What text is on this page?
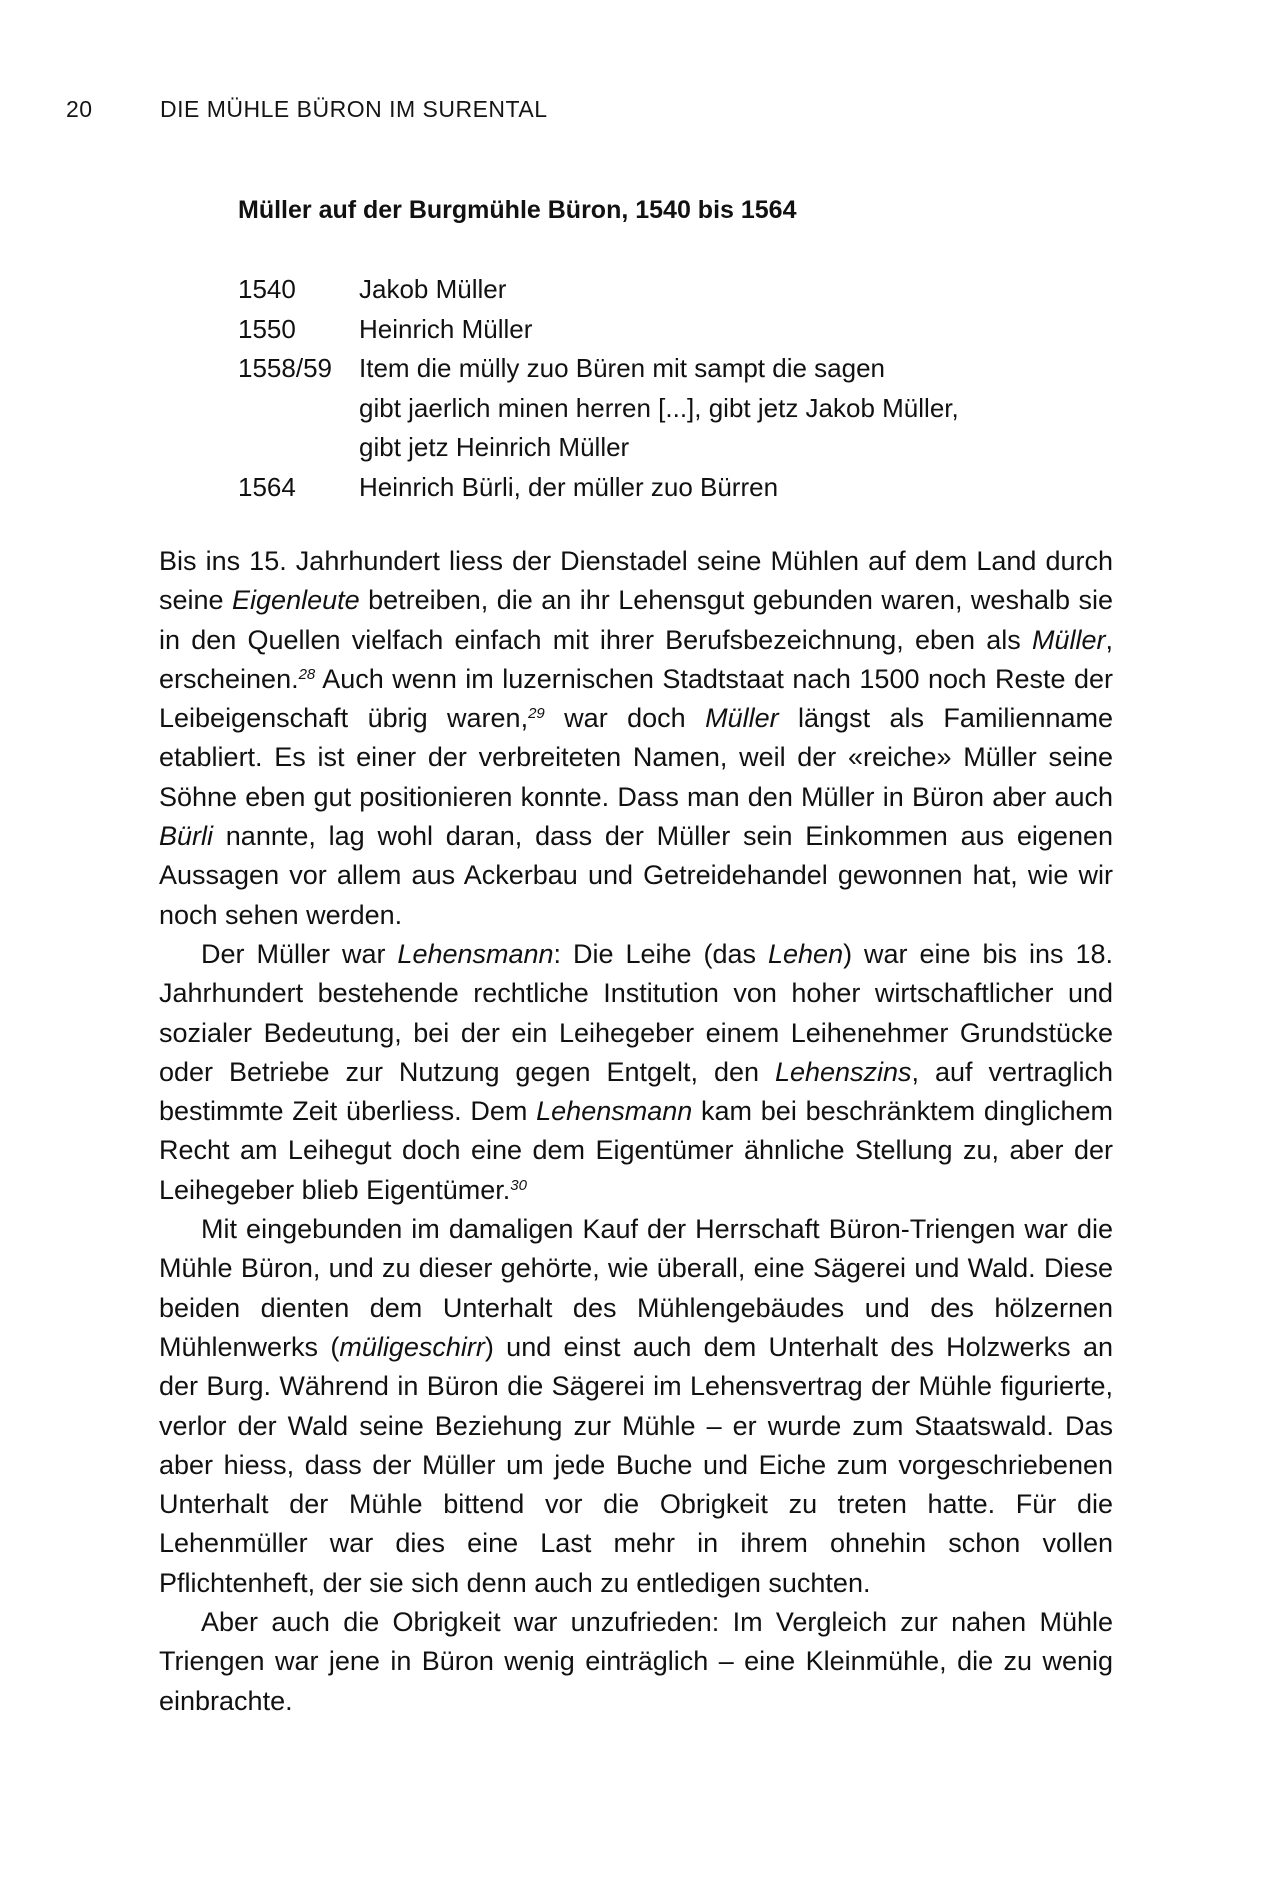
20	DIE MÜHLE BÜRON IM SURENTAL
Müller auf der Burgmühle Büron, 1540 bis 1564
1540	Jakob Müller
1550	Heinrich Müller
1558/59	Item die mülly zuo Büren mit sampt die sagen
gibt jaerlich minen herren [...], gibt jetz Jakob Müller,
gibt jetz Heinrich Müller
1564	Heinrich Bürli, der müller zuo Bürren

Bis ins 15. Jahrhundert liess der Dienstadel seine Mühlen auf dem Land durch seine Eigenleute betreiben, die an ihr Lehensgut gebunden waren, weshalb sie in den Quellen vielfach einfach mit ihrer Berufsbezeichnung, eben als Müller, erscheinen.$^{28}$ Auch wenn im luzernischen Stadtstaat nach 1500 noch Reste der Leibeigenschaft übrig waren,$^{29}$ war doch Müller längst als Familienname etabliert. Es ist einer der verbreiteten Namen, weil der «reiche» Müller seine Söhne eben gut positionieren konnte. Dass man den Müller in Büron aber auch Bürli nannte, lag wohl daran, dass der Müller sein Einkommen aus eigenen Aussagen vor allem aus Ackerbau und Getreidehandel gewonnen hat, wie wir noch sehen werden.

Der Müller war Lehensmann: Die Leihe (das Lehen) war eine bis ins 18. Jahrhundert bestehende rechtliche Institution von hoher wirtschaftlicher und sozialer Bedeutung, bei der ein Leihegeber einem Leihenehmer Grundstücke oder Betriebe zur Nutzung gegen Entgelt, den Lehenszins, auf vertraglich bestimmte Zeit überliess. Dem Lehensmann kam bei beschränktem dinglichem Recht am Leihegut doch eine dem Eigentümer ähnliche Stellung zu, aber der Leihegeber blieb Eigentümer.$^{30}$

Mit eingebunden im damaligen Kauf der Herrschaft Büron-Triengen war die Mühle Büron, und zu dieser gehörte, wie überall, eine Sägerei und Wald. Diese beiden dienten dem Unterhalt des Mühlengebäudes und des hölzernen Mühlenwerks (müligeschirr) und einst auch dem Unterhalt des Holzwerks an der Burg. Während in Büron die Sägerei im Lehensvertrag der Mühle figurierte, verlor der Wald seine Beziehung zur Mühle – er wurde zum Staatswald. Das aber hiess, dass der Müller um jede Buche und Eiche zum vorgeschriebenen Unterhalt der Mühle bittend vor die Obrigkeit zu treten hatte. Für die Lehenmüller war dies eine Last mehr in ihrem ohnehin schon vollen Pflichtenheft, der sie sich denn auch zu entledigen suchten.

Aber auch die Obrigkeit war unzufrieden: Im Vergleich zur nahen Mühle Triengen war jene in Büron wenig einträglich – eine Kleinmühle, die zu wenig einbrachte.
